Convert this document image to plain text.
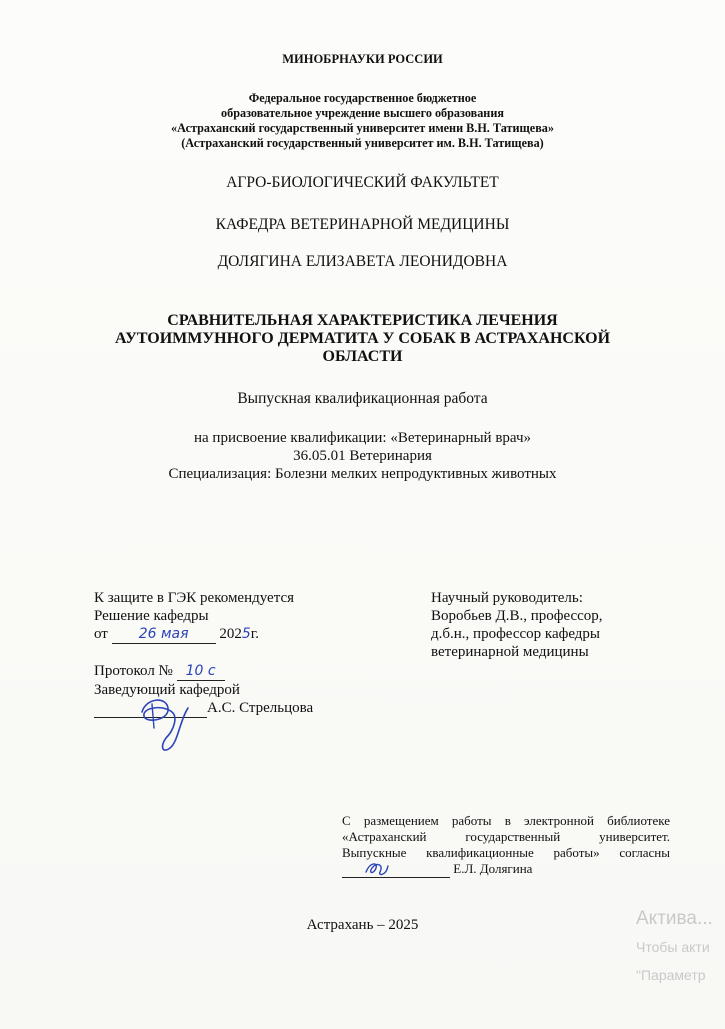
МИНОБРНАУКИ РОССИИ
Федеральное государственное бюджетное
образовательное учреждение высшего образования
«Астраханский государственный университет имени В.Н. Татищева»
(Астраханский государственный университет им. В.Н. Татищева)
АГРО-БИОЛОГИЧЕСКИЙ ФАКУЛЬТЕТ
КАФЕДРА ВЕТЕРИНАРНОЙ МЕДИЦИНЫ
ДОЛЯГИНА ЕЛИЗАВЕТА ЛЕОНИДОВНА
СРАВНИТЕЛЬНАЯ ХАРАКТЕРИСТИКА ЛЕЧЕНИЯ
АУТОИММУННОГО ДЕРМАТИТА У СОБАК В АСТРАХАНСКОЙ
ОБЛАСТИ
Выпускная квалификационная работа
на присвоение квалификации: «Ветеринарный врач»
36.05.01 Ветеринария
Специализация: Болезни мелких непродуктивных животных
К защите в ГЭК рекомендуется
Решение кафедры
от 26 мая 2025г.
Протокол № 10 с
Заведующий кафедрой
А.С. Стрельцова
Научный руководитель:
Воробьев Д.В., профессор,
д.б.н., профессор кафедры
ветеринарной медицины
С размещением работы в электронной библиотеке
«Астраханский государственный университет.
Выпускные квалификационные работы» согласны
Е.Л. Долягина
Астрахань – 2025	Актива...
Чтобы акти
"Параметр
